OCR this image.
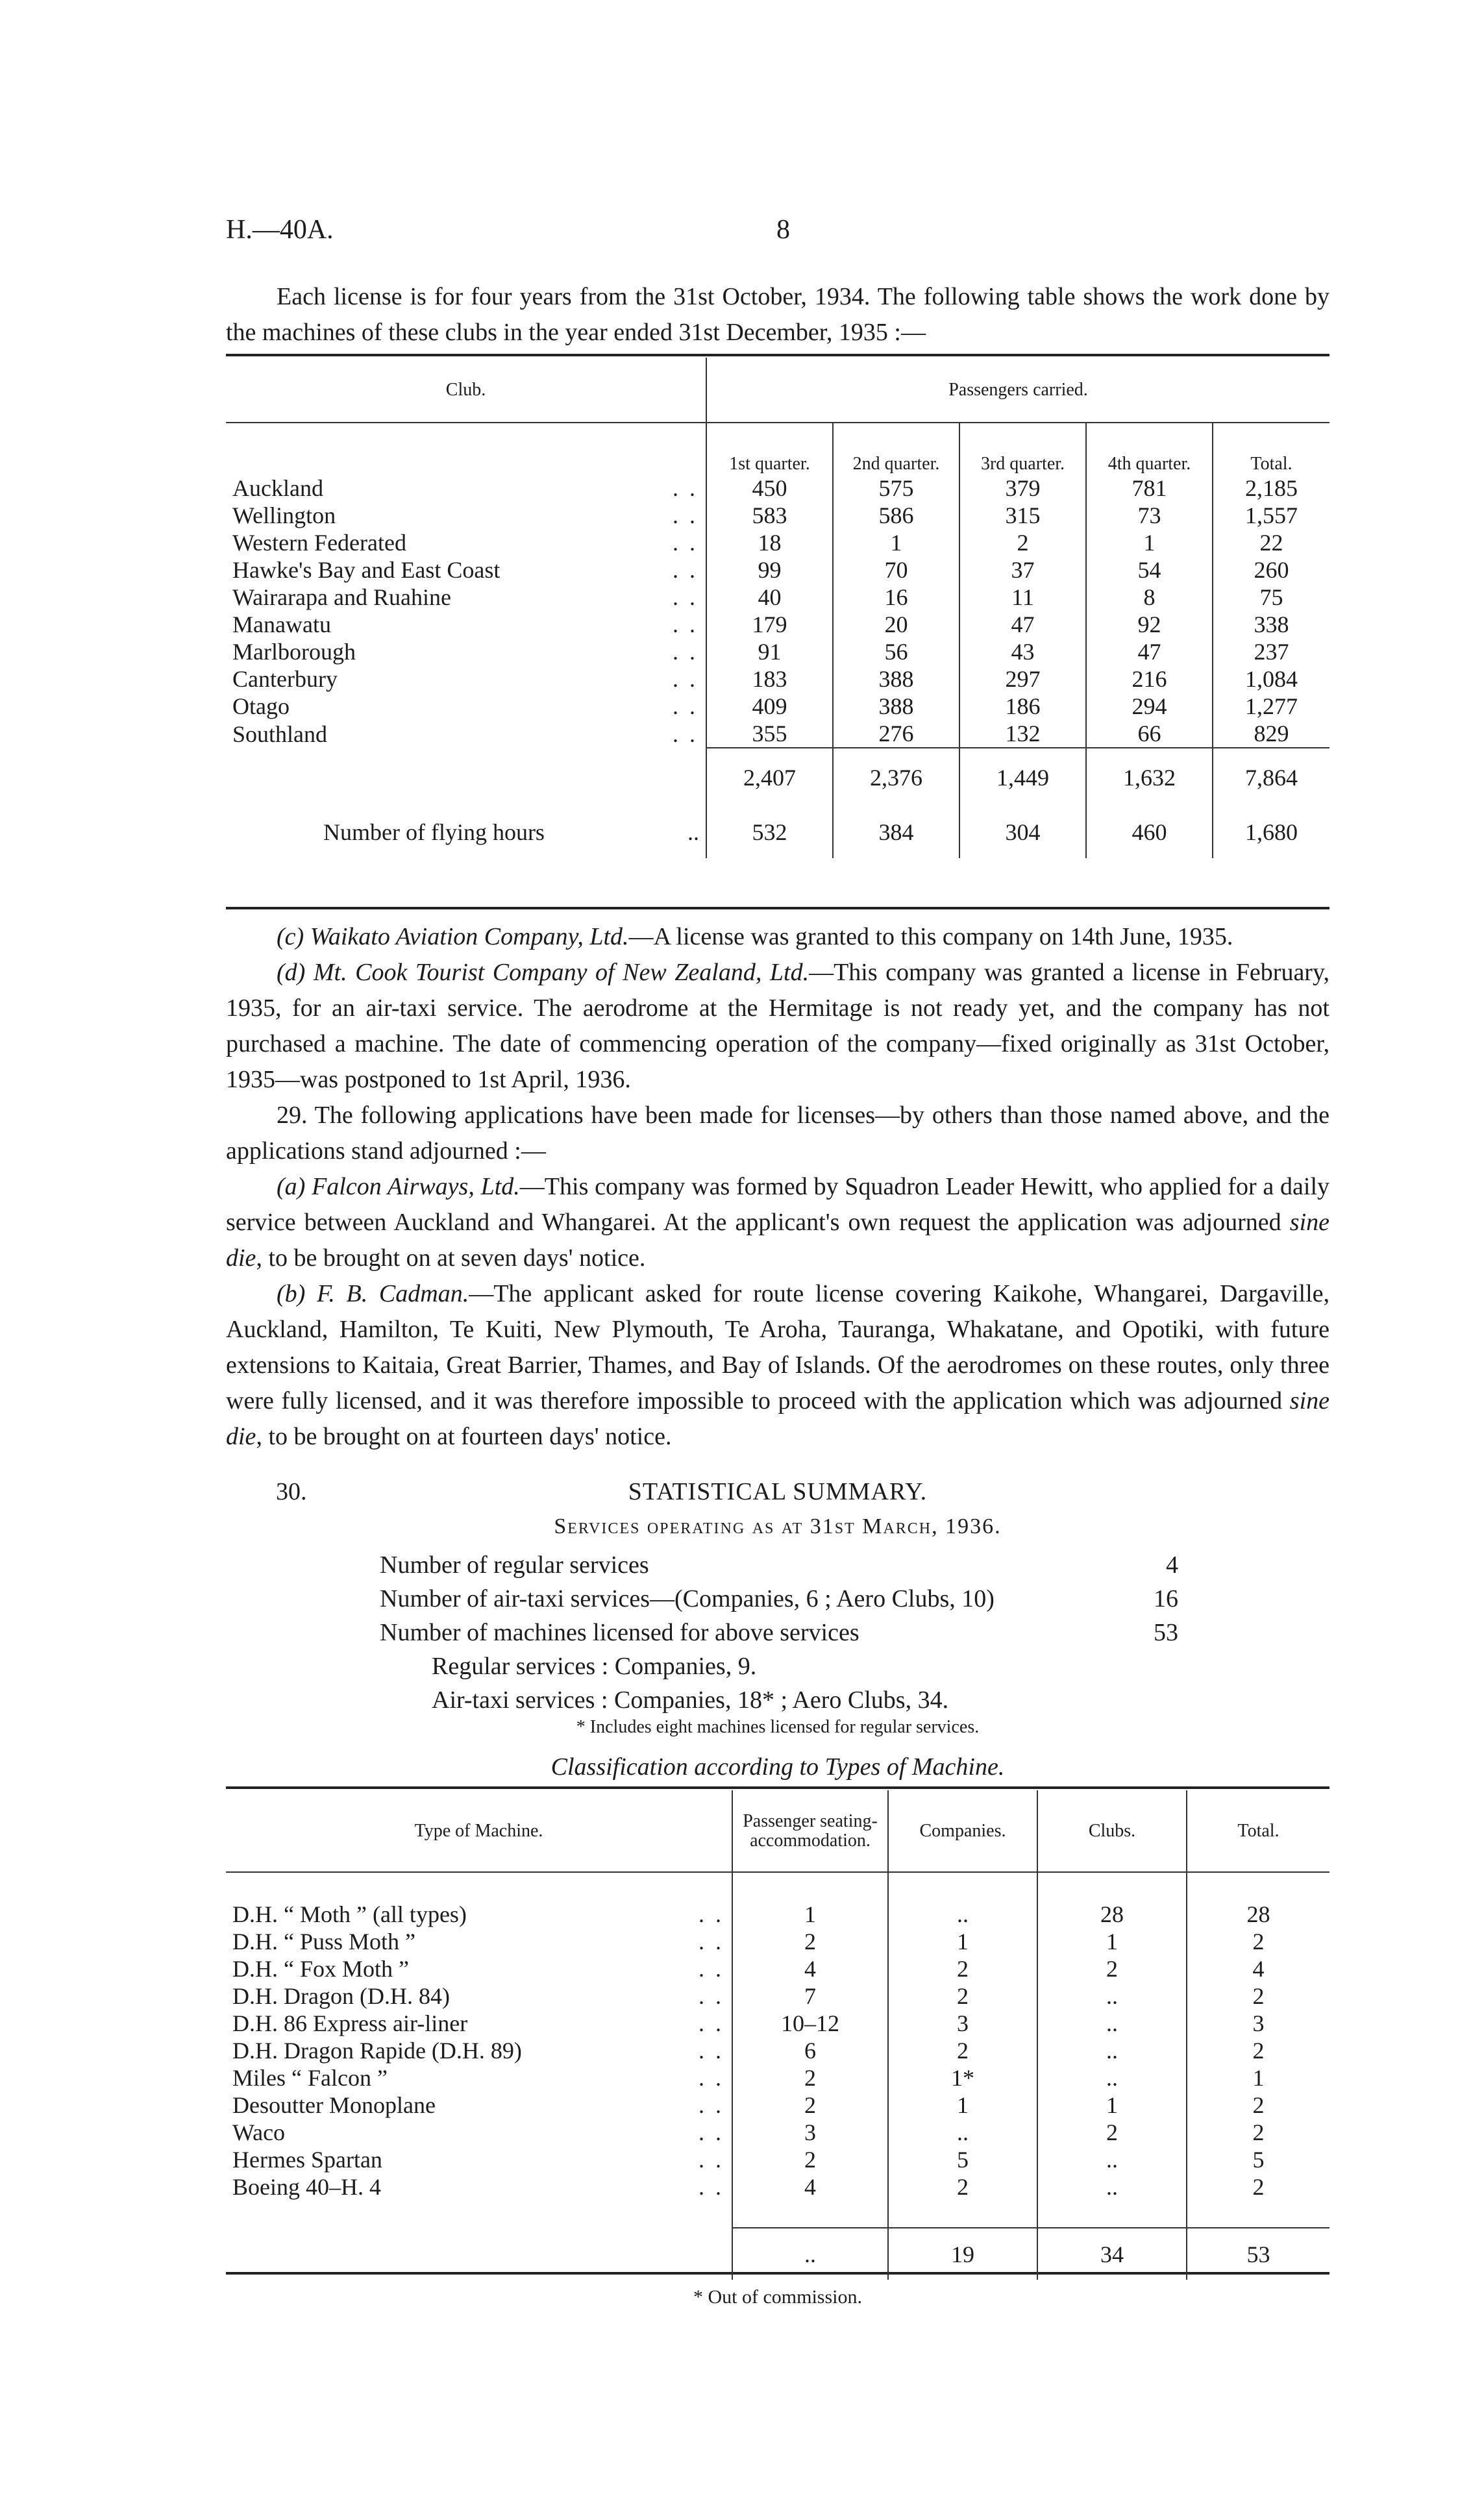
H.—40A.	8
Each license is for four years from the 31st October, 1934. The following table shows the work done by the machines of these clubs in the year ended 31st December, 1935 :—
Club.	Passengers carried.				
	1st quarter.	2nd quarter.	3rd quarter.	4th quarter.	Total.
Auckland . .	450	575	379	781	2,185
Wellington . .	583	586	315	73	1,557
Western Federated . .	18	1	2	1	22
Hawke's Bay and East Coast . .	99	70	37	54	260
Wairarapa and Ruahine . .	40	16	11	8	75
Manawatu . .	179	20	47	92	338
Marlborough . .	91	56	43	47	237
Canterbury . .	183	388	297	216	1,084
Otago . .	409	388	186	294	1,277
Southland . .	355	276	132	66	829
	2,407	2,376	1,449	1,632	7,864
Number of flying hours ..	532	384	304	460	1,680
(c) Waikato Aviation Company, Ltd.—A license was granted to this company on 14th June, 1935.
(d) Mt. Cook Tourist Company of New Zealand, Ltd.—This company was granted a license in February, 1935, for an air-taxi service. The aerodrome at the Hermitage is not ready yet, and the company has not purchased a machine. The date of commencing operation of the company—fixed originally as 31st October, 1935—was postponed to 1st April, 1936.
29. The following applications have been made for licenses—by others than those named above, and the applications stand adjourned :—
(a) Falcon Airways, Ltd.—This company was formed by Squadron Leader Hewitt, who applied for a daily service between Auckland and Whangarei. At the applicant's own request the application was adjourned sine die, to be brought on at seven days' notice.
(b) F. B. Cadman.—The applicant asked for route license covering Kaikohe, Whangarei, Dargaville, Auckland, Hamilton, Te Kuiti, New Plymouth, Te Aroha, Tauranga, Whakatane, and Opotiki, with future extensions to Kaitaia, Great Barrier, Thames, and Bay of Islands. Of the aerodromes on these routes, only three were fully licensed, and it was therefore impossible to proceed with the application which was adjourned sine die, to be brought on at fourteen days' notice.
30.	STATISTICAL SUMMARY.
Services operating as at 31st March, 1936.
Number of regular services	4
Number of air-taxi services—(Companies, 6 ; Aero Clubs, 10)	16
Number of machines licensed for above services	53
Regular services : Companies, 9.
Air-taxi services : Companies, 18* ; Aero Clubs, 34.
* Includes eight machines licensed for regular services.
Classification according to Types of Machine.
Type of Machine.	Passenger seating-accommodation.	Companies.	Clubs.	Total.

D.H. “ Moth ” (all types) . .	1	..	28	28
D.H. “ Puss Moth ” . .	2	1	1	2
D.H. “ Fox Moth ” . .	4	2	2	4
D.H. Dragon (D.H. 84) . .	7	2	..	2
D.H. 86 Express air-liner . .	10–12	3	..	3
D.H. Dragon Rapide (D.H. 89) . .	6	2	..	2
Miles “ Falcon ” . .	2	1*	..	1
Desoutter Monoplane . .	2	1	1	2
Waco . .	3	..	2	2
Hermes Spartan . .	2	5	..	5
Boeing 40–H. 4 . .	4	2	..	2

	..	19	34	53
* Out of commission.
